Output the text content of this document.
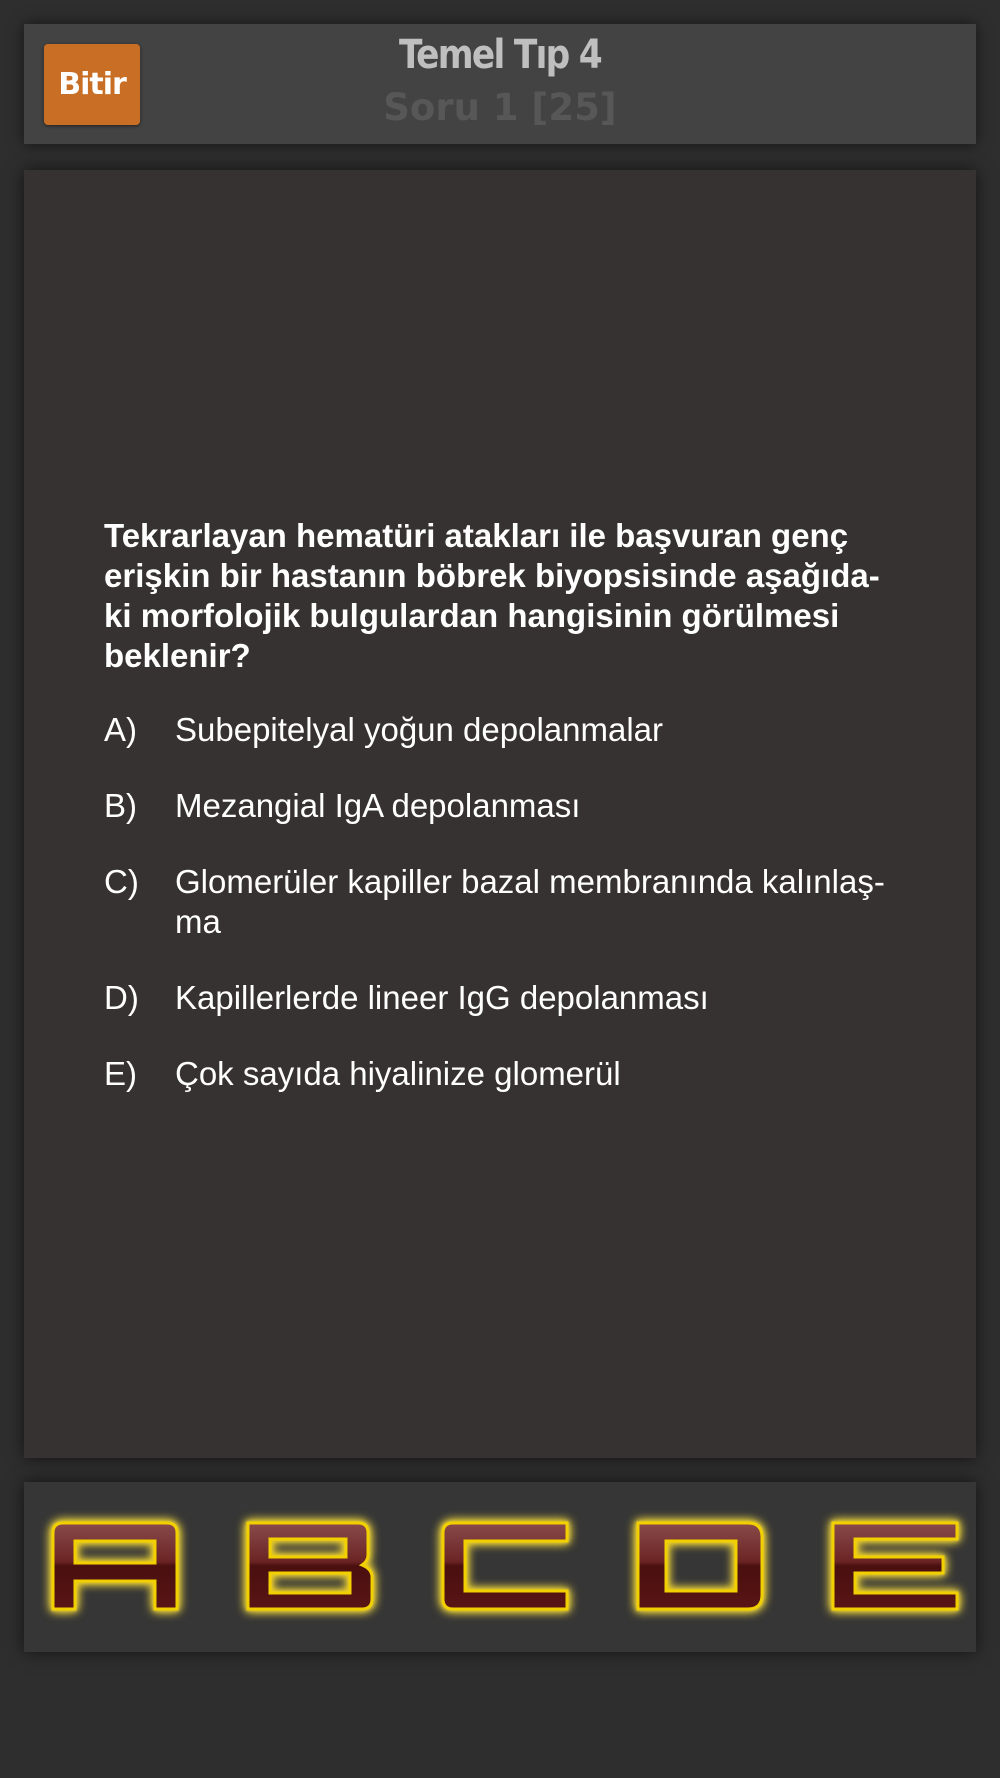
Bitir
Temel Tıp 4
Soru 1 [25]
Tekrarlayan hematüri atakları ile başvuran genç erişkin bir hastanın böbrek biyopsisinde aşağıda-ki morfolojik bulgulardan hangisinin görülmesi beklenir?
A)	Subepitelyal yoğun depolanmalar
B)	Mezangial IgA depolanması
C)	Glomerüler kapiller bazal membranında kalınlaş-ma
D)	Kapillerlerde lineer IgG depolanması
E)	Çok sayıda hiyalinize glomerül
